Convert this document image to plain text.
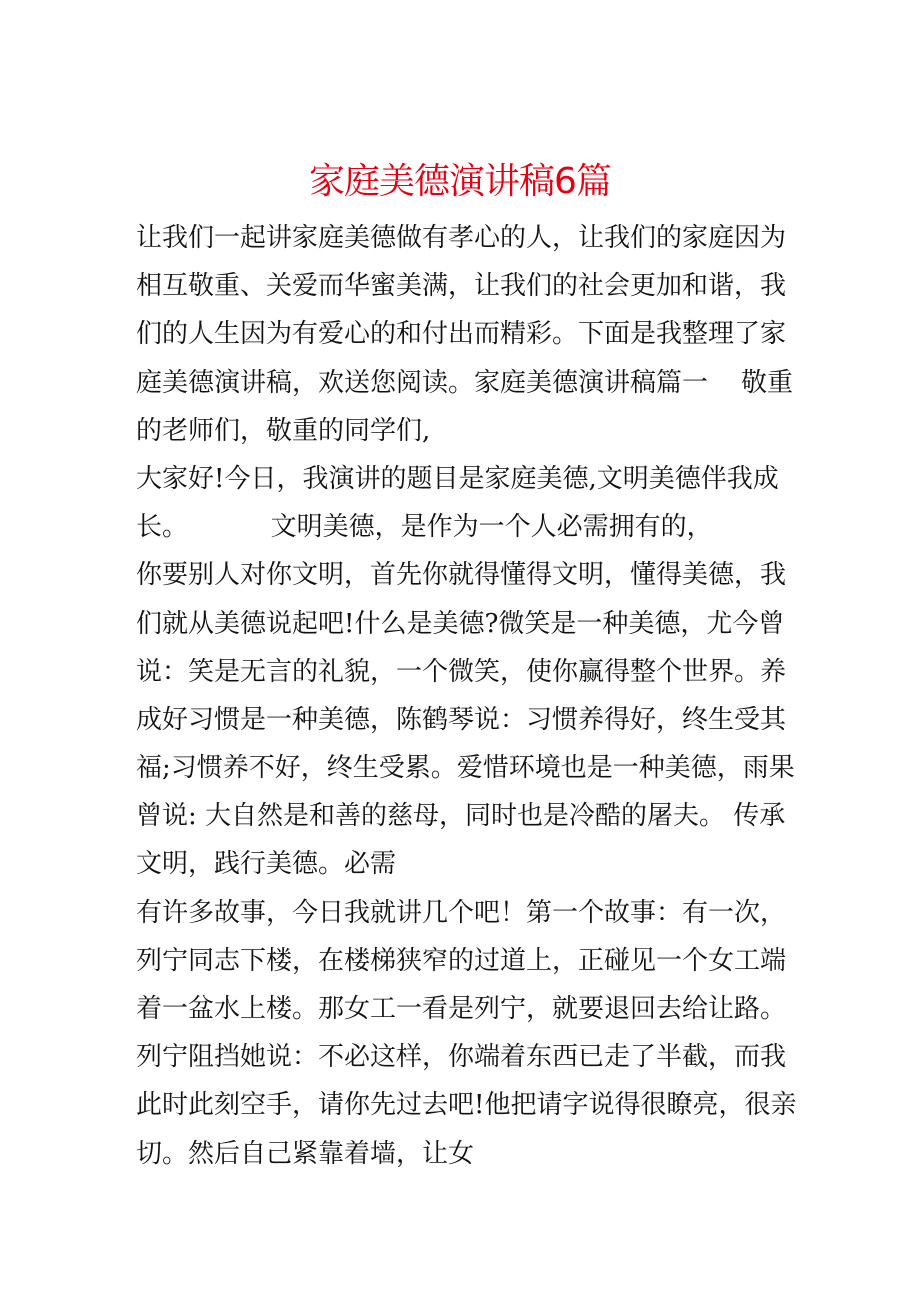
家庭美德演讲稿6篇
让我们一起讲家庭美德做有孝心的人，让我们的家庭因为
相互敬重、关爱而华蜜美满，让我们的社会更加和谐，我
们的人生因为有爱心的和付出而精彩。下面是我整理了家
庭美德演讲稿，欢送您阅读。家庭美德演讲稿篇一    敬重
的老师们，敬重的同学们,
大家好!今日，我演讲的题目是家庭美德,文明美德伴我成
长。          文明美德，是作为一个人必需拥有的，
你要别人对你文明，首先你就得懂得文明，懂得美德，我
们就从美德说起吧!什么是美德?微笑是一种美德，尤今曾
说：笑是无言的礼貌，一个微笑，使你赢得整个世界。养
成好习惯是一种美德，陈鹤琴说：习惯养得好，终生受其
福;习惯养不好，终生受累。爱惜环境也是一种美德，雨果
曾说: 大自然是和善的慈母，同时也是冷酷的屠夫。 传承
文明，践行美德。必需
有许多故事，今日我就讲几个吧！第一个故事：有一次，
列宁同志下楼，在楼梯狭窄的过道上，正碰见一个女工端
着一盆水上楼。那女工一看是列宁，就要退回去给让路。
列宁阻挡她说：不必这样，你端着东西已走了半截，而我
此时此刻空手，请你先过去吧!他把请字说得很瞭亮，很亲
切。然后自己紧靠着墙，让女
